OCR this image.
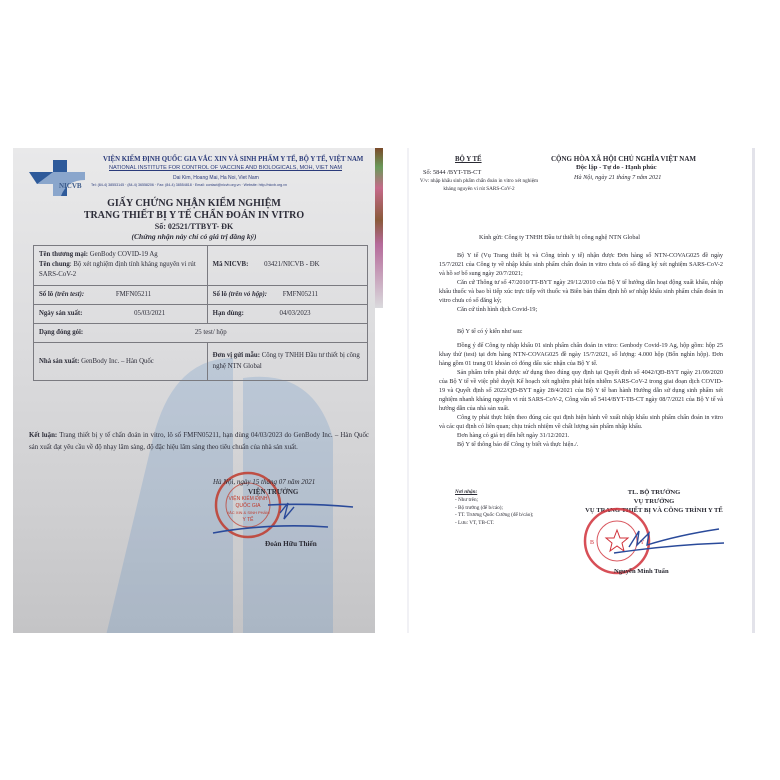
NICVB
VIỆN KIỂM ĐỊNH QUỐC GIA VẮC XIN VÀ SINH PHẨM Y TẾ, BỘ Y TẾ, VIỆT NAM
NATIONAL INSTITUTE FOR CONTROL OF VACCINE AND BIOLOGICALS, MOH, VIET NAM
Dai Kim, Hoang Mai, Ha Noi, Viet Nam
Tel: (84-4) 38553145 · (84-4) 36558206 · Fax: (84-4) 38554818 · Email: contact@nicvb.org.vn · Website: http://nicvb.org.vn
GIẤY CHỨNG NHẬN KIỂM NGHIỆM
TRANG THIẾT BỊ Y TẾ CHẨN ĐOÁN IN VITRO
Số: 02521/TTBYT- ĐK
(Chứng nhận này chỉ có giá trị đăng ký)
Tên thương mại: GenBody COVID-19 Ag
Tên chung: Bộ xét nghiệm định tính kháng nguyên vi rút SARS-CoV-2	Mã NICVB: 03421/NICVB - ĐK
Số lô (trên test): FMFN05211	Số lô (trên vỏ hộp): FMFN05211
Ngày sản xuất: 05/03/2021	Hạn dùng: 04/03/2023
Dạng đóng gói: 25 test/ hộp	
Nhà sản xuất: GenBody Inc. – Hàn Quốc	Đơn vị gửi mẫu: Công ty TNHH Đầu tư thiết bị công nghệ NTN Global
Kết luận: Trang thiết bị y tế chẩn đoán in vitro, lô số FMFN05211, hạn dùng 04/03/2023 do GenBody Inc. – Hàn Quốc sản xuất đạt yêu cầu về độ nhạy lâm sàng, độ đặc hiệu lâm sàng theo tiêu chuẩn của nhà sản xuất.
VIỆN KIỂM ĐỊNH
QUỐC GIA
VẮC XIN & SINH PHẨM
Y TẾ
Hà Nội, ngày 15 tháng 07 năm 2021
VIỆN TRƯỞNG
Đoàn Hữu Thiển
BỘ Y TẾ
Số: 5844 /BYT-TB-CT
V/v: nhập khẩu sinh phẩm chẩn đoán in vitro xét nghiệm kháng nguyên vi rút SARS-CoV-2
CỘNG HÒA XÃ HỘI CHỦ NGHĨA VIỆT NAM
Độc lập - Tự do - Hạnh phúc
Hà Nội, ngày 21 tháng 7 năm 2021
Kính gửi: Công ty TNHH Đầu tư thiết bị công nghệ NTN Global

Bộ Y tế (Vụ Trang thiết bị và Công trình y tế) nhận được Đơn hàng số NTN-COVAG025 đề ngày 15/7/2021 của Công ty về nhập khẩu sinh phẩm chẩn đoán in vitro chưa có số đăng ký xét nghiệm SARS-CoV-2 và hồ sơ bổ sung ngày 20/7/2021;

Căn cứ Thông tư số 47/2010/TT-BYT ngày 29/12/2010 của Bộ Y tế hướng dẫn hoạt động xuất khẩu, nhập khẩu thuốc và bao bì tiếp xúc trực tiếp với thuốc và Biên bản thẩm định hồ sơ nhập khẩu sinh phẩm chẩn đoán in vitro chưa có số đăng ký;

Căn cứ tình hình dịch Covid-19;

Bộ Y tế có ý kiến như sau:

Đồng ý để Công ty nhập khẩu 01 sinh phẩm chẩn đoán in vitro: Genbody Covid-19 Ag, hộp gồm: hộp 25 khay thử (test) tại đơn hàng NTN-COVAG025 đề ngày 15/7/2021, số lượng: 4.000 hộp (Bốn nghìn hộp). Đơn hàng gồm 01 trang 01 khoản có đóng dấu xác nhận của Bộ Y tế.

Sản phẩm trên phải được sử dụng theo đúng quy định tại Quyết định số 4042/QĐ-BYT ngày 21/09/2020 của Bộ Y tế về việc phê duyệt Kế hoạch xét nghiệm phát hiện nhiễm SARS-CoV-2 trong giai đoạn dịch COVID-19 và Quyết định số 2022/QĐ-BYT ngày 28/4/2021 của Bộ Y tế ban hành Hướng dẫn sử dụng sinh phẩm xét nghiệm nhanh kháng nguyên vi rút SARS-CoV-2, Công văn số 5414/BYT-TB-CT ngày 08/7/2021 của Bộ Y tế và hướng dẫn của nhà sản xuất.

Công ty phải thực hiện theo đúng các qui định hiện hành về xuất nhập khẩu sinh phẩm chẩn đoán in vitro và các qui định có liên quan; chịu trách nhiệm về chất lượng sản phẩm nhập khẩu.

Đơn hàng có giá trị đến hết ngày 31/12/2021.

Bộ Y tế thông báo để Công ty biết và thực hiện./.

Nơi nhận:
- Như trên;
- Bộ trưởng (để b/cáo);
- TT. Trương Quốc Cường (để b/cáo);
- Lưu: VT, TB-CT.
TL. BỘ TRƯỞNG
VỤ TRƯỞNG
VỤ TRANG THIẾT BỊ VÀ CÔNG TRÌNH Y TẾ
B	Y
Nguyễn Minh Tuấn
